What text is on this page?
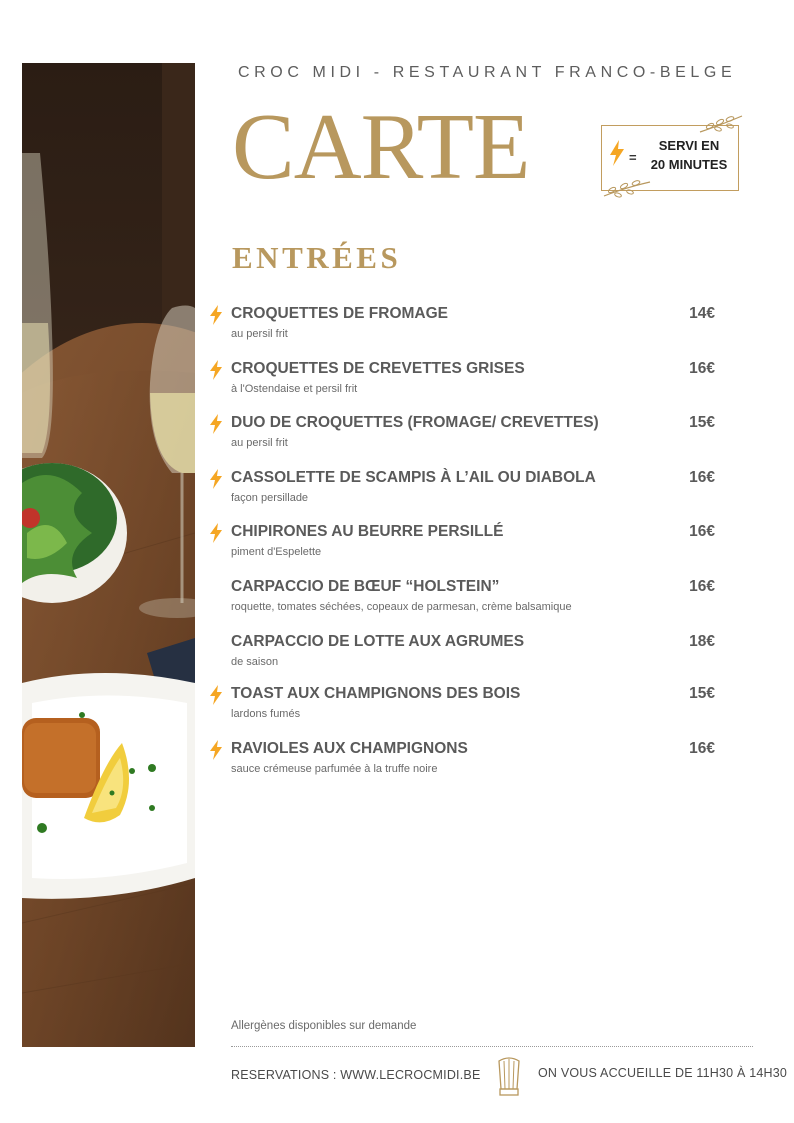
CROC MIDI - RESTAURANT FRANCO-BELGE
CARTE	=
SERVI EN
20 MINUTES
ENTRÉES
CROQUETTES DE FROMAGE	14€
au persil frit
CROQUETTES DE CREVETTES GRISES	16€
à l'Ostendaise et persil frit
DUO DE CROQUETTES (FROMAGE/ CREVETTES)	15€
au persil frit
CASSOLETTE DE SCAMPIS À L’AIL OU DIABOLA	16€
façon persillade
CHIPIRONES AU BEURRE PERSILLÉ	16€
piment d'Espelette
CARPACCIO DE BŒUF “HOLSTEIN”	16€
roquette, tomates séchées, copeaux de parmesan, crème balsamique
CARPACCIO DE LOTTE AUX AGRUMES	18€
de saison
TOAST AUX CHAMPIGNONS DES BOIS	15€
lardons fumés
RAVIOLES AUX CHAMPIGNONS	16€
sauce crémeuse parfumée à la truffe noire
Allergènes disponibles sur demande
RESERVATIONS : WWW.LECROCMIDI.BE	ON VOUS ACCUEILLE DE 11H30 À 14H30
